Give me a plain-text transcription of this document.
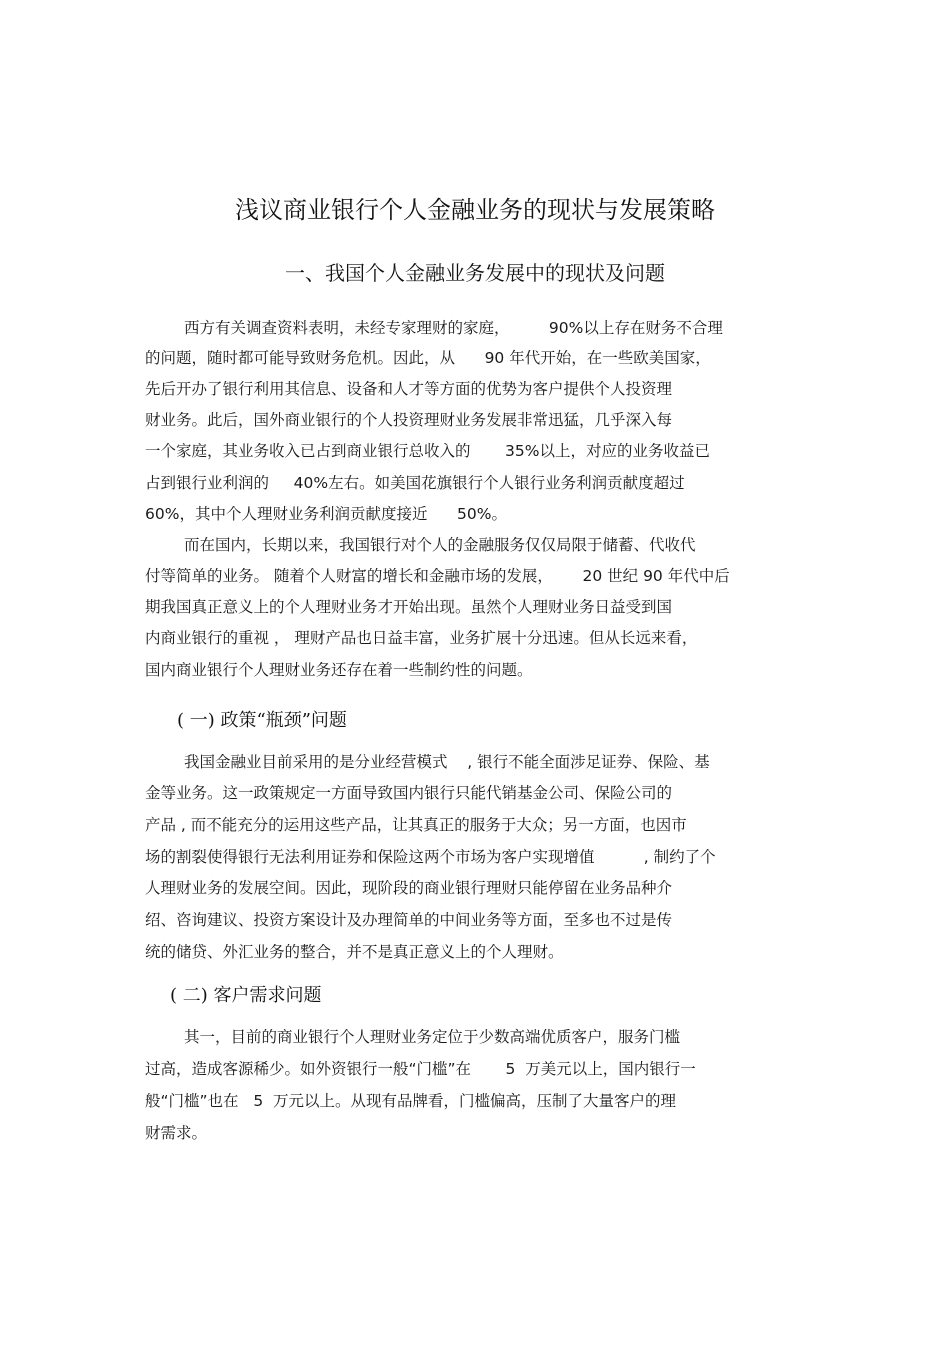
浅议商业银行个人金融业务的现状与发展策略
一、我国个人金融业务发展中的现状及问题
西方有关调查资料表明，未经专家理财的家庭，        90%以上存在财务不合理
的问题，随时都可能导致财务危机。因此，从      90 年代开始，在一些欧美国家，
先后开办了银行利用其信息、设备和人才等方面的优势为客户提供个人投资理
财业务。此后，国外商业银行的个人投资理财业务发展非常迅猛，几乎深入每
一个家庭，其业务收入已占到商业银行总收入的       35%以上，对应的业务收益已
占到银行业利润的     40%左右。如美国花旗银行个人银行业务利润贡献度超过
60%，其中个人理财业务利润贡献度接近      50%。
而在国内，长期以来，我国银行对个人的金融服务仅仅局限于储蓄、代收代
付等简单的业务。 随着个人财富的增长和金融市场的发展，      20 世纪 90 年代中后
期我国真正意义上的个人理财业务才开始出现。虽然个人理财业务日益受到国
内商业银行的重视 ， 理财产品也日益丰富，业务扩展十分迅速。但从长远来看，
国内商业银行个人理财业务还存在着一些制约性的问题。
( 一) 政策“瓶颈”问题
我国金融业目前采用的是分业经营模式    , 银行不能全面涉足证券、保险、基
金等业务。这一政策规定一方面导致国内银行只能代销基金公司、保险公司的
产品 , 而不能充分的运用这些产品，让其真正的服务于大众；另一方面，也因市
场的割裂使得银行无法利用证券和保险这两个市场为客户实现增值          , 制约了个
人理财业务的发展空间。因此，现阶段的商业银行理财只能停留在业务品种介
绍、咨询建议、投资方案设计及办理简单的中间业务等方面，至多也不过是传
统的储贷、外汇业务的整合，并不是真正意义上的个人理财。
( 二) 客户需求问题
其一，目前的商业银行个人理财业务定位于少数高端优质客户，服务门槛
过高，造成客源稀少。如外资银行一般“门槛”在       5  万美元以上，国内银行一
般“门槛”也在   5  万元以上。从现有品牌看，门槛偏高，压制了大量客户的理
财需求。
